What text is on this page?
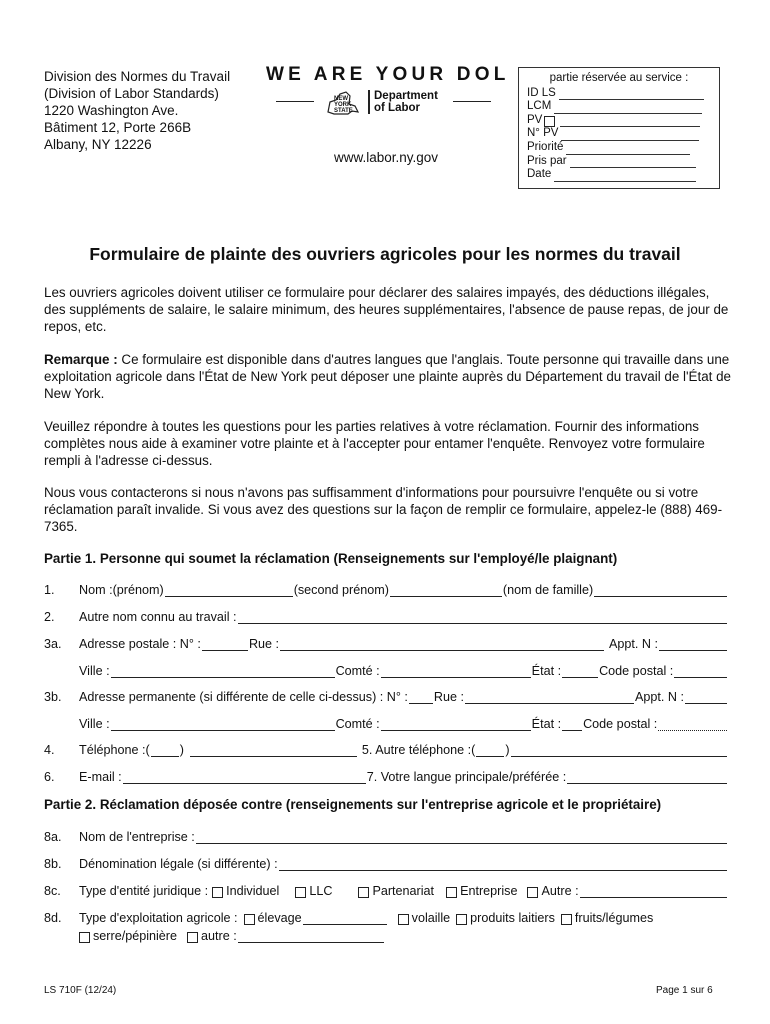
Division des Normes du Travail
(Division of Labor Standards)
1220 Washington Ave.
Bâtiment 12, Porte 266B
Albany, NY 12226
WE ARE YOUR DOL
NEW
YORK
STATE
Department
of Labor
www.labor.ny.gov
partie réservée au service :
ID LS
LCM
PV
N° PV
Priorité
Pris par
Date
Formulaire de plainte des ouvriers agricoles pour les normes du travail
Les ouvriers agricoles doivent utiliser ce formulaire pour déclarer des salaires impayés, des déductions illégales, des suppléments de salaire, le salaire minimum, des heures supplémentaires, l'absence de pause repas, de jour de repos, etc.
Remarque : Ce formulaire est disponible dans d'autres langues que l'anglais. Toute personne qui travaille dans une exploitation agricole dans l'État de New York peut déposer une plainte auprès du Département du travail de l'État de New York.
Veuillez répondre à toutes les questions pour les parties relatives à votre réclamation. Fournir des informations complètes nous aide à examiner votre plainte et à l'accepter pour entamer l'enquête. Renvoyez votre formulaire rempli à l'adresse ci-dessus.
Nous vous contacterons si nous n'avons pas suffisamment d'informations pour poursuivre l'enquête ou si votre réclamation paraît invalide. Si vous avez des questions sur la façon de remplir ce formulaire, appelez-le (888) 469-7365.
Partie 1. Personne qui soumet la réclamation (Renseignements sur l'employé/le plaignant)
1.	Nom :(prénom)	(second prénom)	(nom de famille)
2.	Autre nom connu au travail :
3a.	Adresse postale : N° :	Rue :	Appt. N :
Ville :	Comté :	État :	Code postal :
3b.	Adresse permanente (si différente de celle ci-dessus) : N° : Rue :	Appt. N :
Ville :	Comté :	État : Code postal :
4.	Téléphone :( )	5. Autre téléphone :( )
6.	E-mail :	7. Votre langue principale/préférée :
Partie 2. Réclamation déposée contre (renseignements sur l'entreprise agricole et le propriétaire)
8a.	Nom de l'entreprise :
8b.	Dénomination légale (si différente) :
8c.	Type d'entité juridique : Individuel LLC	Partenariat Entreprise Autre :
8d.	Type d'exploitation agricole : élevage	volaille produits laitiers fruits/légumes
serre/pépinière autre :
LS 710F (12/24)	Page 1 sur 6
